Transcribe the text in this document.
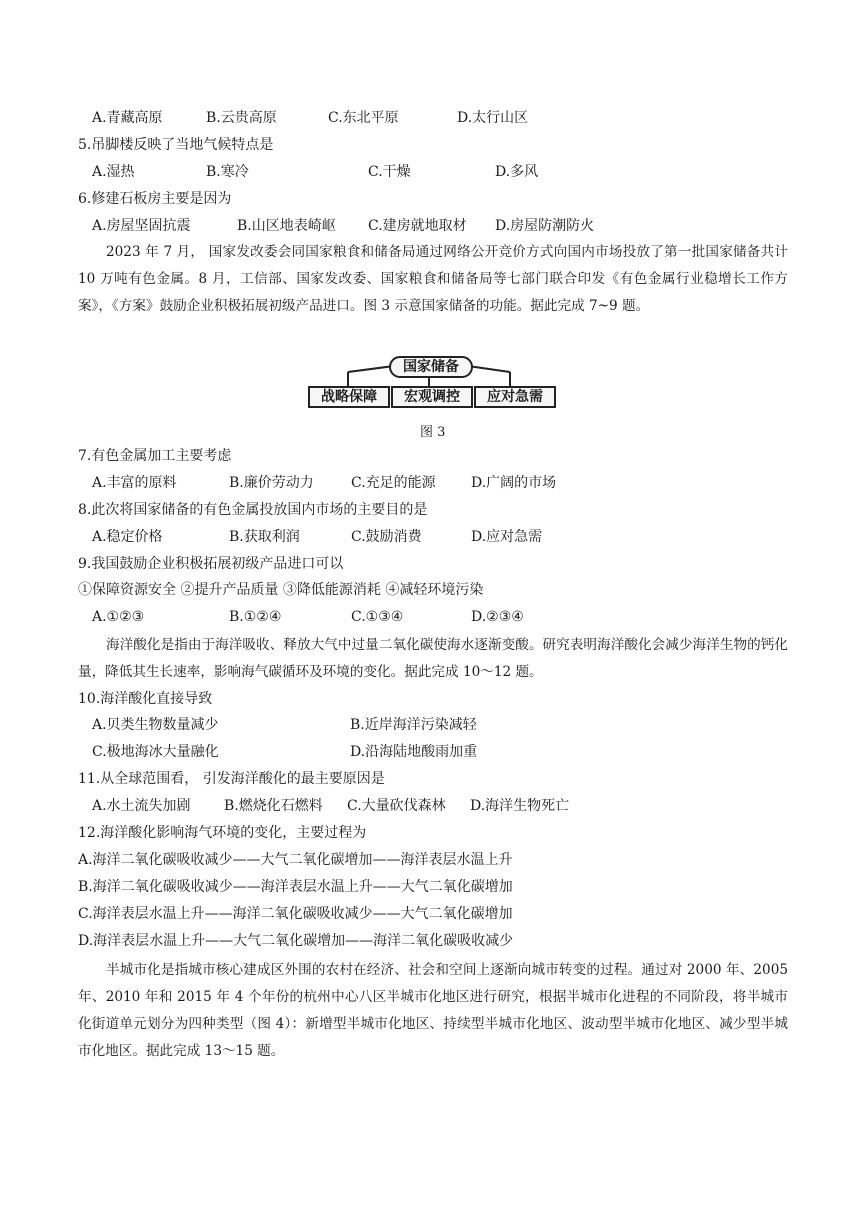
A.青藏高原	B.云贵高原	C.东北平原	D.太行山区
5.吊脚楼反映了当地气候特点是
A.湿热	B.寒冷	C.干燥	D.多风
6.修建石板房主要是因为
A.房屋坚固抗震	B.山区地表崎岖 C.建房就地取材 D.房屋防潮防火
2023 年 7 月， 国家发改委会同国家粮食和储备局通过网络公开竞价方式向国内市场投放了第一批国家储备共计 10 万吨有色金属。8 月，工信部、国家发改委、国家粮食和储备局等七部门联合印发《有色金属行业稳增长工作方案》，《方案》鼓励企业积极拓展初级产品进口。图 3 示意国家储备的功能。据此完成 7~9 题。
国家储备
战略保障	宏观调控	应对急需
图 3
7.有色金属加工主要考虑
A.丰富的原料	B.廉价劳动力	C.充足的能源	D.广阔的市场
8.此次将国家储备的有色金属投放国内市场的主要目的是
A.稳定价格	B.获取利润	C.鼓励消费	D.应对急需
9.我国鼓励企业积极拓展初级产品进口可以
①保障资源安全 ②提升产品质量 ③降低能源消耗 ④减轻环境污染
A.①②③	B.①②④	C.①③④	D.②③④
海洋酸化是指由于海洋吸收、释放大气中过量二氧化碳使海水逐渐变酸。研究表明海洋酸化会减少海洋生物的钙化量，降低其生长速率，影响海气碳循环及环境的变化。据此完成 10～12 题。
10.海洋酸化直接导致
A.贝类生物数量减少	B.近岸海洋污染减轻
C.极地海冰大量融化	D.沿海陆地酸雨加重
11.从全球范围看， 引发海洋酸化的最主要原因是
A.水土流失加剧 B.燃烧化石燃料 C.大量砍伐森林 D.海洋生物死亡
12.海洋酸化影响海气环境的变化，主要过程为
A.海洋二氧化碳吸收减少——大气二氧化碳增加——海洋表层水温上升
B.海洋二氧化碳吸收减少——海洋表层水温上升——大气二氧化碳增加
C.海洋表层水温上升——海洋二氧化碳吸收减少——大气二氧化碳增加
D.海洋表层水温上升——大气二氧化碳增加——海洋二氧化碳吸收减少
半城市化是指城市核心建成区外围的农村在经济、社会和空间上逐渐向城市转变的过程。通过对 2000 年、2005 年、2010 年和 2015 年 4 个年份的杭州中心八区半城市化地区进行研究，根据半城市化进程的不同阶段，将半城市化街道单元划分为四种类型（图 4）：新增型半城市化地区、持续型半城市化地区、波动型半城市化地区、减少型半城市化地区。据此完成 13～15 题。
